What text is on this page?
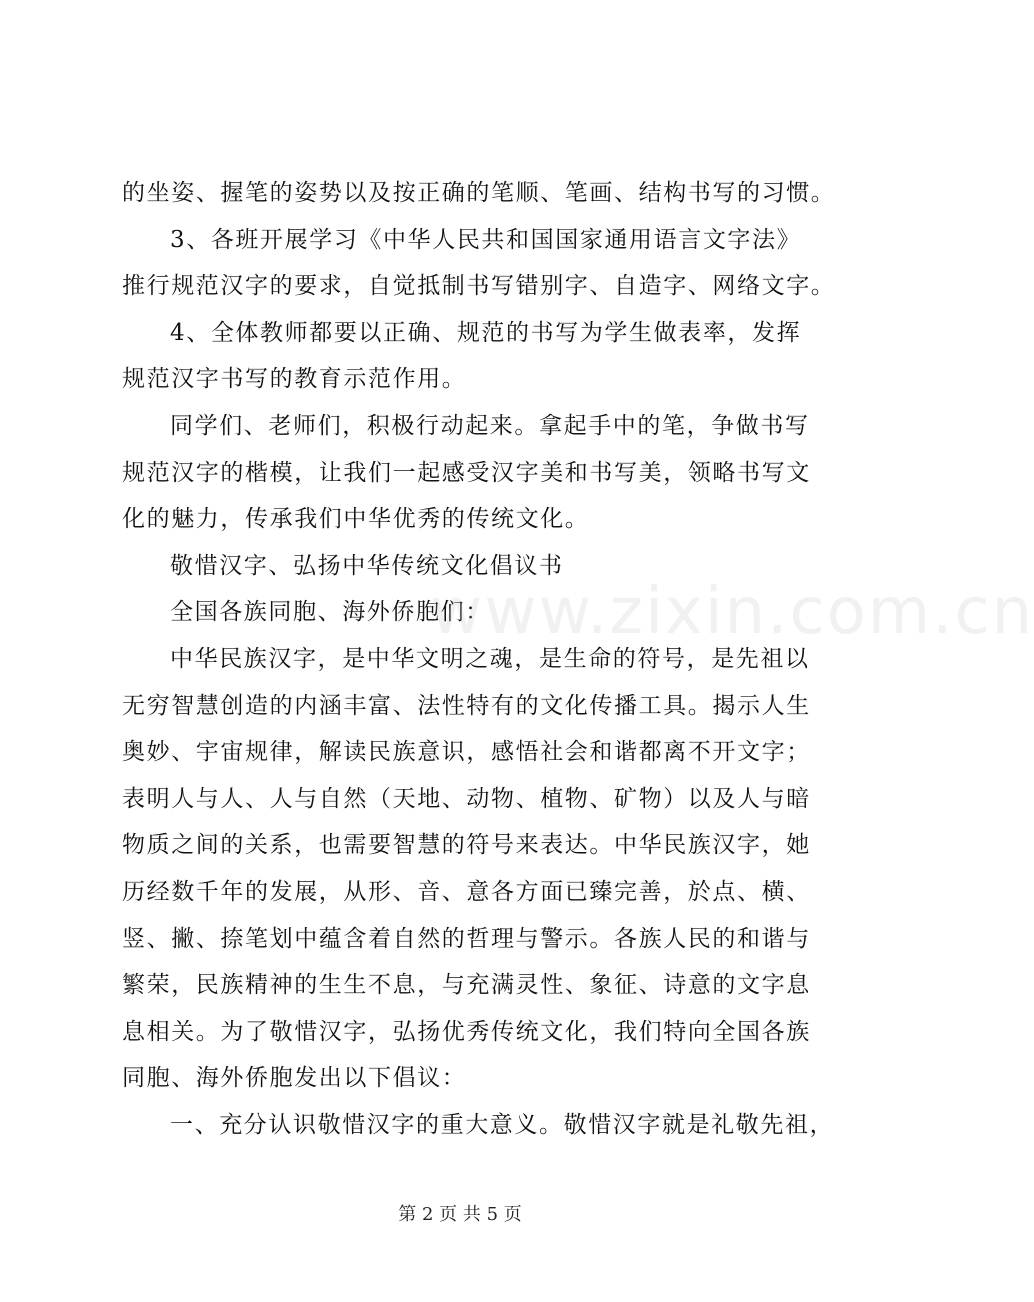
的坐姿、握笔的姿势以及按正确的笔顺、笔画、结构书写的习惯。
3、各班开展学习《中华人民共和国国家通用语言文字法》
推行规范汉字的要求，自觉抵制书写错别字、自造字、网络文字。
4、全体教师都要以正确、规范的书写为学生做表率，发挥
规范汉字书写的教育示范作用。
同学们、老师们，积极行动起来。拿起手中的笔，争做书写
规范汉字的楷模，让我们一起感受汉字美和书写美，领略书写文
化的魅力，传承我们中华优秀的传统文化。
敬惜汉字、弘扬中华传统文化倡议书
全国各族同胞、海外侨胞们：
中华民族汉字，是中华文明之魂，是生命的符号，是先祖以
无穷智慧创造的内涵丰富、法性特有的文化传播工具。揭示人生
奥妙、宇宙规律，解读民族意识，感悟社会和谐都离不开文字；
表明人与人、人与自然（天地、动物、植物、矿物）以及人与暗
物质之间的关系，也需要智慧的符号来表达。中华民族汉字，她
历经数千年的发展，从形、音、意各方面已臻完善，於点、横、
竖、撇、捺笔划中蕴含着自然的哲理与警示。各族人民的和谐与
繁荣，民族精神的生生不息，与充满灵性、象征、诗意的文字息
息相关。为了敬惜汉字，弘扬优秀传统文化，我们特向全国各族
同胞、海外侨胞发出以下倡议：
一、充分认识敬惜汉字的重大意义。敬惜汉字就是礼敬先祖，
www.zixin.com.cn
第 2 页 共 5 页
